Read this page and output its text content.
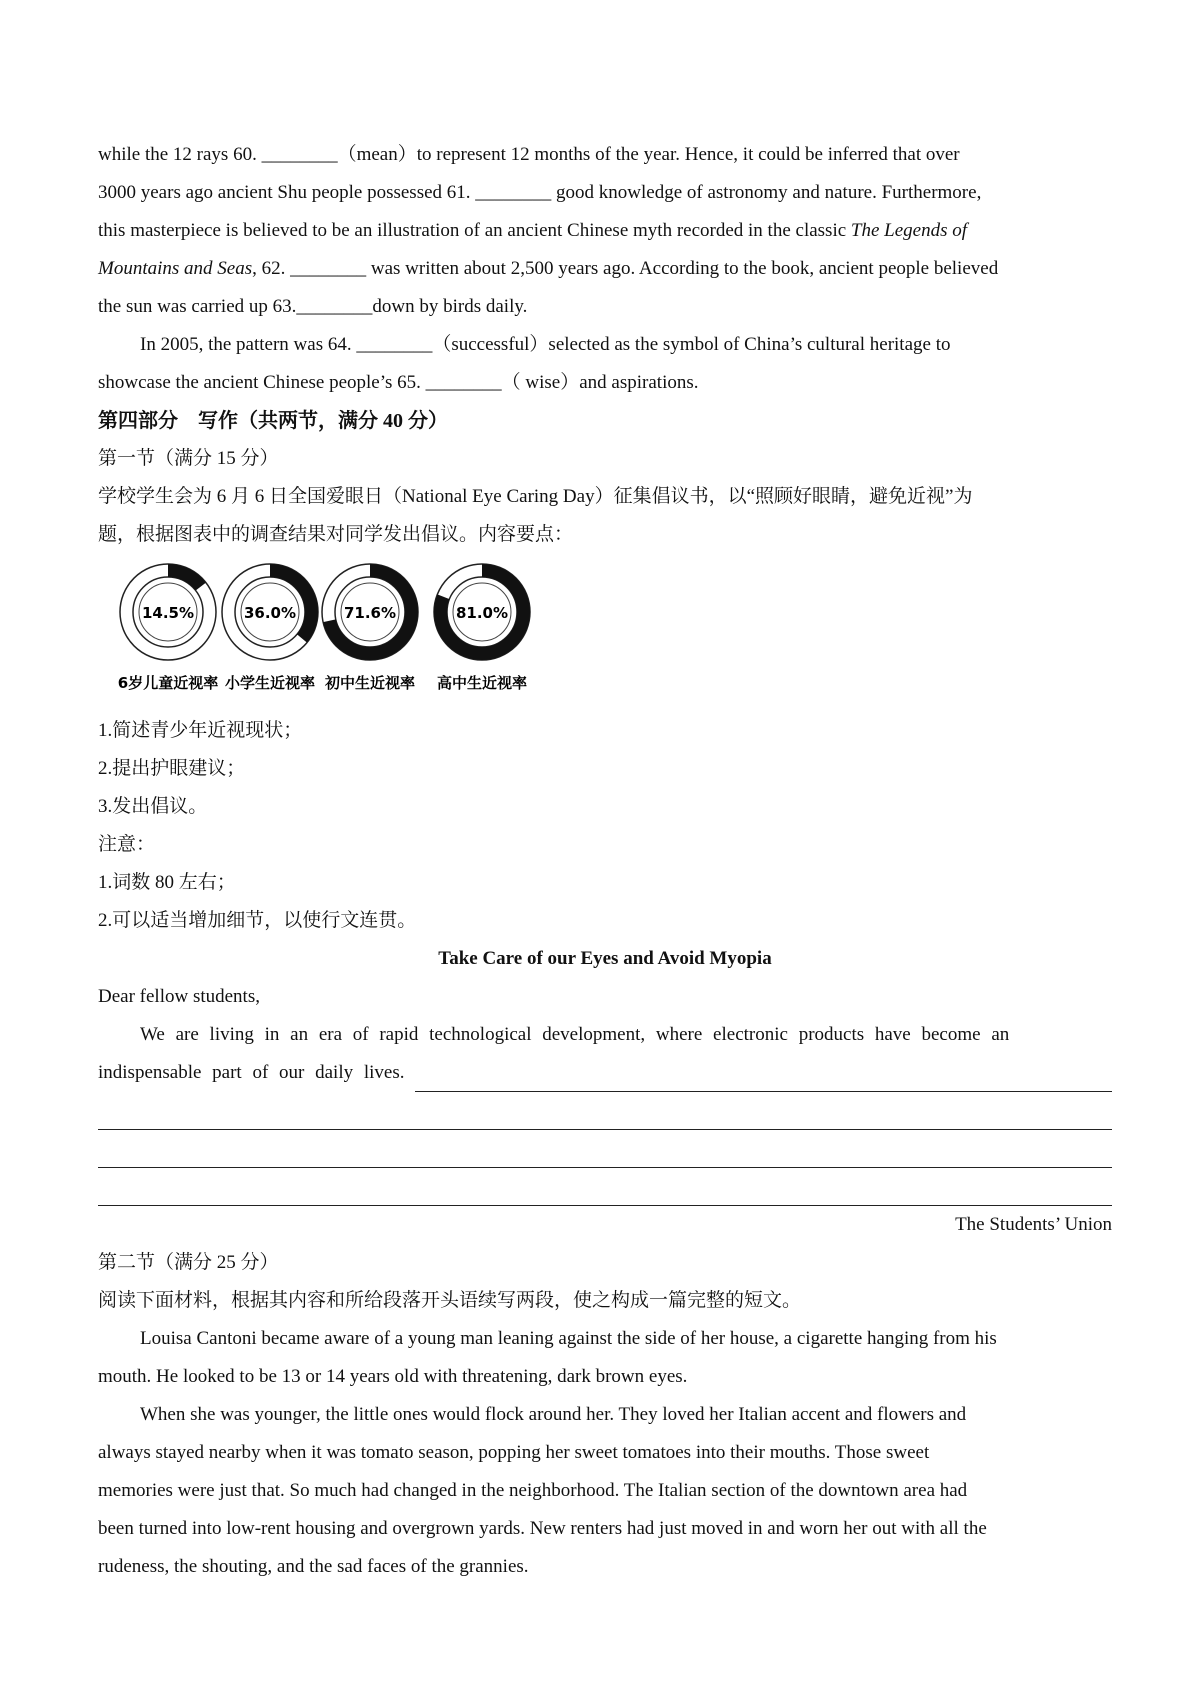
while the 12 rays 60. ________（mean）to represent 12 months of the year. Hence, it could be inferred that over
3000 years ago ancient Shu people possessed 61. ________ good knowledge of astronomy and nature. Furthermore,
this masterpiece is believed to be an illustration of an ancient Chinese myth recorded in the classic The Legends of
Mountains and Seas, 62. ________ was written about 2,500 years ago. According to the book, ancient people believed
the sun was carried up 63.________down by birds daily.
In 2005, the pattern was 64. ________（successful）selected as the symbol of China’s cultural heritage to
showcase the ancient Chinese people’s 65. ________（ wise）and aspirations.
第四部分　写作（共两节，满分 40 分）
第一节（满分 15 分）
学校学生会为 6 月 6 日全国爱眼日（National Eye Caring Day）征集倡议书，以“照顾好眼睛，避免近视”为
题，根据图表中的调查结果对同学发出倡议。内容要点：
14.5%
6岁儿童近视率
36.0%
小学生近视率
71.6%
初中生近视率
81.0%
高中生近视率
1.简述青少年近视现状；
2.提出护眼建议；
3.发出倡议。
注意：
1.词数 80 左右；
2.可以适当增加细节，以使行文连贯。
Take Care of our Eyes and Avoid Myopia
Dear fellow students,
We are living in an era of rapid technological development, where electronic products have become an
indispensable part of our daily lives.
The Students’ Union
第二节（满分 25 分）
阅读下面材料，根据其内容和所给段落开头语续写两段，使之构成一篇完整的短文。
Louisa Cantoni became aware of a young man leaning against the side of her house, a cigarette hanging from his
mouth. He looked to be 13 or 14 years old with threatening, dark brown eyes.
When she was younger, the little ones would flock around her. They loved her Italian accent and flowers and
always stayed nearby when it was tomato season, popping her sweet tomatoes into their mouths. Those sweet
memories were just that. So much had changed in the neighborhood. The Italian section of the downtown area had
been turned into low-rent housing and overgrown yards. New renters had just moved in and worn her out with all the
rudeness, the shouting, and the sad faces of the grannies.
